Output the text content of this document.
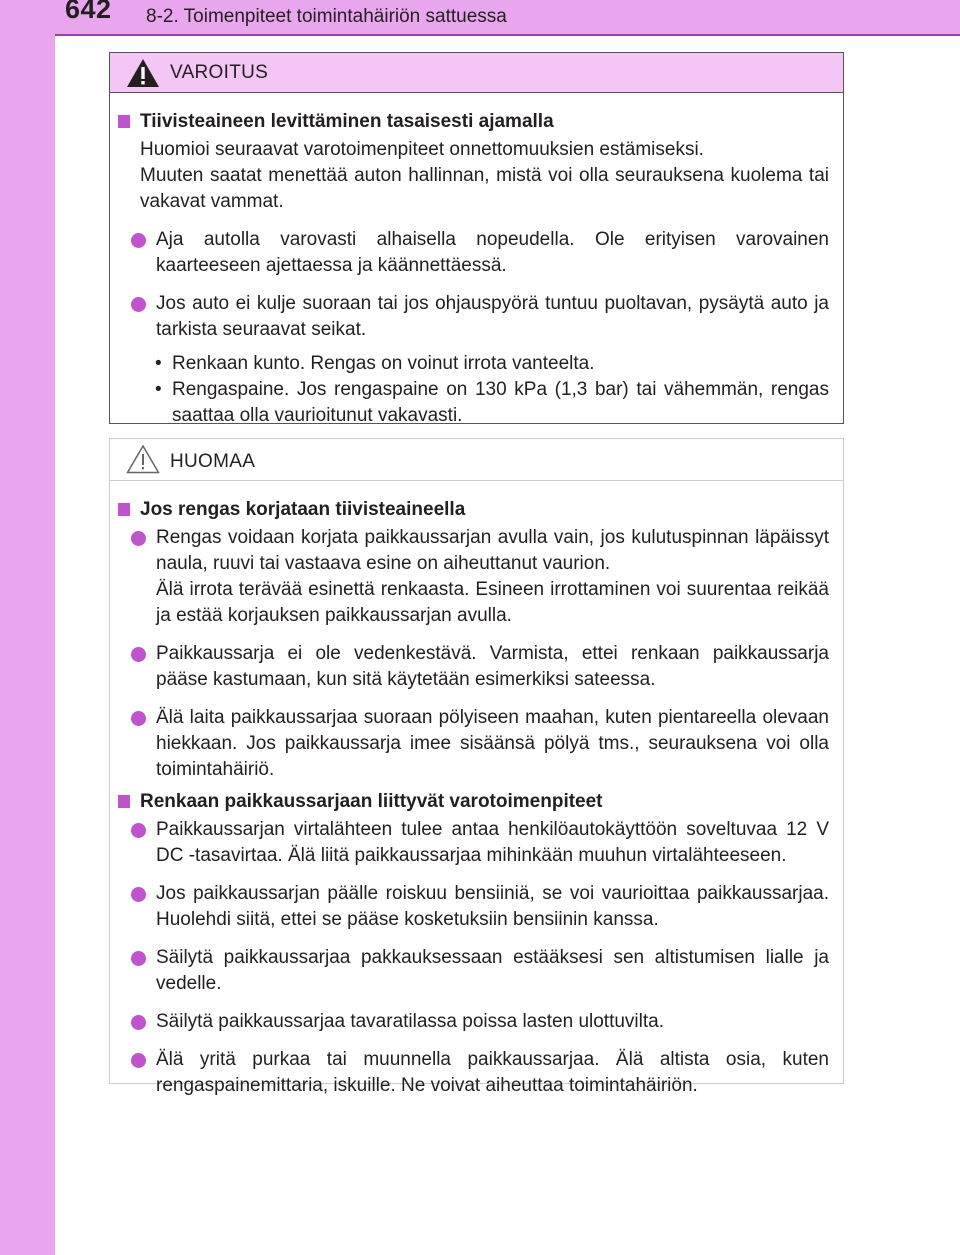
642 8-2. Toimenpiteet toimintahäiriön sattuessa
VAROITUS
Tiivisteaineen levittäminen tasaisesti ajamalla
Huomioi seuraavat varotoimenpiteet onnettomuuksien estämiseksi.
Muuten saatat menettää auton hallinnan, mistä voi olla seurauksena kuolema tai vakavat vammat.
Aja autolla varovasti alhaisella nopeudella. Ole erityisen varovainen kaarteeseen ajettaessa ja käännettäessä.
Jos auto ei kulje suoraan tai jos ohjauspyörä tuntuu puoltavan, pysäytä auto ja tarkista seuraavat seikat.
• Renkaan kunto. Rengas on voinut irrota vanteelta.
• Rengaspaine. Jos rengaspaine on 130 kPa (1,3 bar) tai vähemmän, rengas saattaa olla vaurioitunut vakavasti.
HUOMAA
Jos rengas korjataan tiivisteaineella
Rengas voidaan korjata paikkaussarjan avulla vain, jos kulutuspinnan läpäissyt naula, ruuvi tai vastaava esine on aiheuttanut vaurion.
Älä irrota terävää esinettä renkaasta. Esineen irrottaminen voi suurentaa reikää ja estää korjauksen paikkaussarjan avulla.
Paikkaussarja ei ole vedenkestävä. Varmista, ettei renkaan paikkaussarja pääse kastumaan, kun sitä käytetään esimerkiksi sateessa.
Älä laita paikkaussarjaa suoraan pölyiseen maahan, kuten pientareella olevaan hiekkaan. Jos paikkaussarja imee sisäänsä pölyä tms., seurauksena voi olla toimintahäiriö.
Renkaan paikkaussarjaan liittyvät varotoimenpiteet
Paikkaussarjan virtalähteen tulee antaa henkilöautokäyttöön soveltuvaa 12 V DC -tasavirtaa. Älä liitä paikkaussarjaa mihinkään muuhun virtalähteeseen.
Jos paikkaussarjan päälle roiskuu bensiiniä, se voi vaurioittaa paikkaussarjaa. Huolehdi siitä, ettei se pääse kosketuksiin bensiinin kanssa.
Säilytä paikkaussarjaa pakkauksessaan estääksesi sen altistumisen lialle ja vedelle.
Säilytä paikkaussarjaa tavaratilassa poissa lasten ulottuvilta.
Älä yritä purkaa tai muunnella paikkaussarjaa. Älä altista osia, kuten rengaspainemittaria, iskuille. Ne voivat aiheuttaa toimintahäiriön.
